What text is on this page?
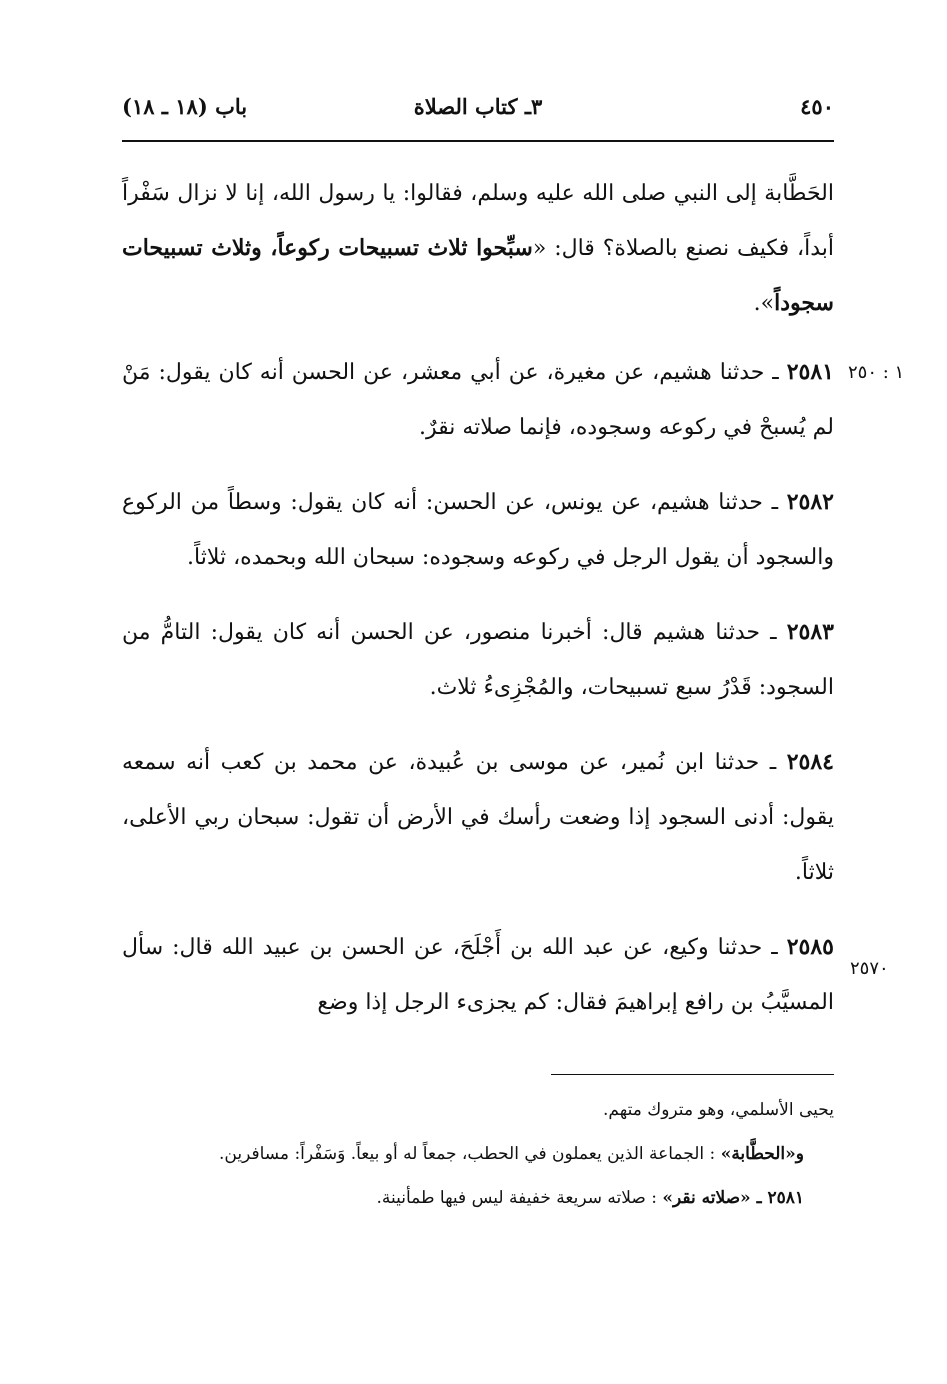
٤٥٠
٣ـ كتاب الصلاة
باب (١٨ ـ ١٨)
١ : ٢٥٠
٢٥٧٠

الحَطَّابة إلى النبي صلى الله عليه وسلم، فقالوا: يا رسول الله، إنا لا نزال سَفْراً أبداً، فكيف نصنع بالصلاة؟ قال: «سبِّحوا ثلاث تسبيحات ركوعاً، وثلاث تسبيحات سجوداً».

٢٥٨١ ـ حدثنا هشيم، عن مغيرة، عن أبي معشر، عن الحسن أنه كان يقول: مَنْ لم يُسبحْ في ركوعه وسجوده، فإنما صلاته نقرٌ.

٢٥٨٢ ـ حدثنا هشيم، عن يونس، عن الحسن: أنه كان يقول: وسطاً من الركوع والسجود أن يقول الرجل في ركوعه وسجوده: سبحان الله وبحمده، ثلاثاً.

٢٥٨٣ ـ حدثنا هشيم قال: أخبرنا منصور، عن الحسن أنه كان يقول: التامُّ من السجود: قَدْرُ سبع تسبيحات، والمُجْزِىءُ ثلاث.

٢٥٨٤ ـ حدثنا ابن نُمير، عن موسى بن عُبيدة، عن محمد بن كعب أنه سمعه يقول: أدنى السجود إذا وضعت رأسك في الأرض أن تقول: سبحان ربي الأعلى، ثلاثاً.

٢٥٨٥ ـ حدثنا وكيع، عن عبد الله بن أَجْلَحَ، عن الحسن بن عبيد الله قال: سأل المسيَّبُ بن رافع إبراهيمَ فقال: كم يجزىء الرجل إذا وضع

يحيى الأسلمي، وهو متروك متهم.

و«الحطَّابة» : الجماعة الذين يعملون في الحطب، جمعاً له أو بيعاً. وَسَفْراً: مسافرين.

٢٥٨١ ـ «صلاته نقر» : صلاته سريعة خفيفة ليس فيها طمأنينة.
